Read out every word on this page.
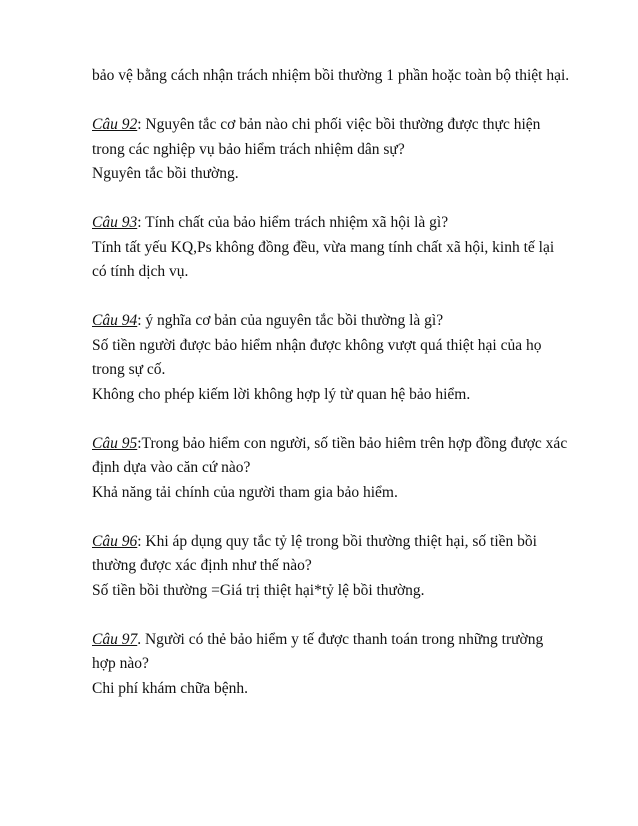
bảo vệ bằng cách nhận trách nhiệm bồi thường 1 phần hoặc toàn bộ thiệt hại.
Câu 92: Nguyên tắc cơ bản nào chi phối việc bồi thường được thực hiện
trong các nghiệp vụ bảo hiểm trách nhiệm dân sự?
Nguyên tắc bồi thường.
Câu 93: Tính chất của bảo hiểm trách nhiệm xã hội là gì?
Tính tất yếu KQ,Ps không đồng đều, vừa mang tính chất xã hội, kinh tế lại
có tính dịch vụ.
Câu 94: ý nghĩa cơ bản của nguyên tắc bồi thường là gì?
Số tiền người được bảo hiểm nhận được không vượt quá thiệt hại của họ
trong sự cố.
Không cho phép kiếm lời không hợp lý từ quan hệ bảo hiểm.
Câu 95:Trong bảo hiểm con người, số tiền bảo hiêm trên hợp đồng được xác
định dựa vào căn cứ nào?
Khả năng tải chính của người tham gia bảo hiểm.
Câu 96: Khi áp dụng quy tắc tỷ lệ trong bồi thường thiệt hại, số tiền bồi
thường được xác định như thế nào?
Số tiền bồi thường =Giá trị thiệt hại*tỷ lệ bồi thường.
Câu 97. Người có thẻ bảo hiểm y tế được thanh toán trong những trường
hợp nào?
Chi phí khám chữa bệnh.
